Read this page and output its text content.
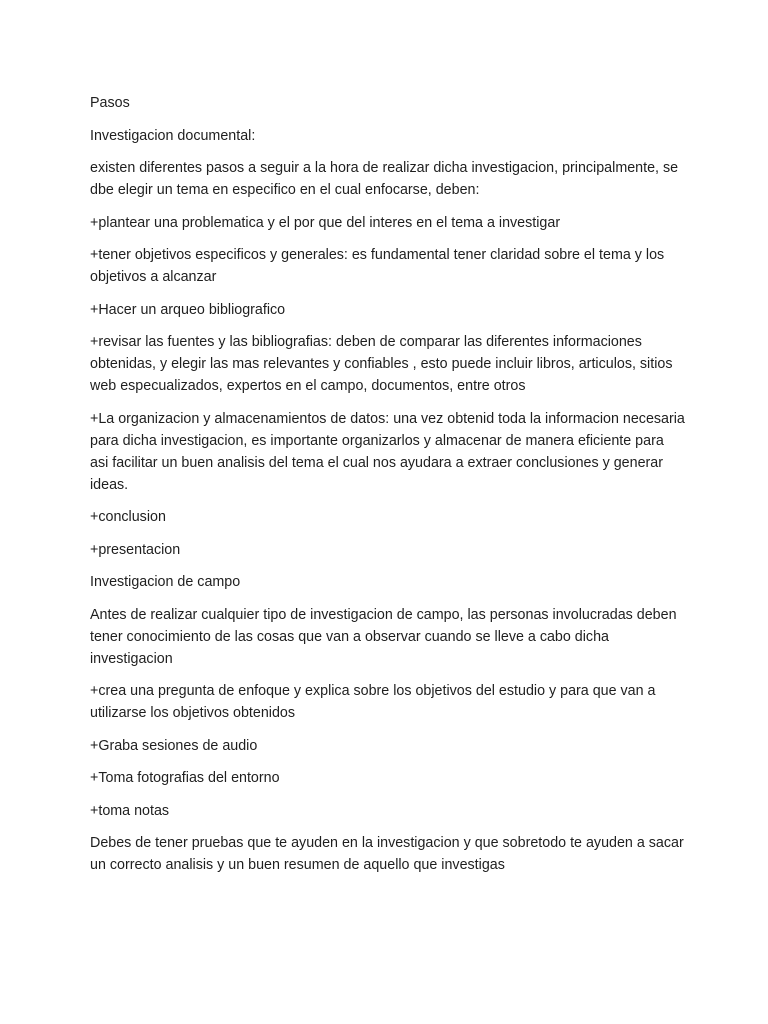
Pasos

Investigacion documental:

existen diferentes pasos a seguir a la hora de realizar dicha investigacion, principalmente, se dbe elegir un tema en especifico en el cual enfocarse, deben:

+plantear una problematica y el por que del interes en el tema a investigar

+tener objetivos especificos y generales: es fundamental tener claridad sobre el tema y los objetivos a alcanzar

+Hacer un arqueo bibliografico

+revisar las fuentes y las bibliografias: deben de comparar las diferentes informaciones obtenidas, y elegir las mas relevantes y confiables , esto puede incluir libros, articulos, sitios web especualizados, expertos en el campo, documentos, entre otros

+La organizacion y almacenamientos de datos: una vez obtenid toda la informacion necesaria para dicha investigacion, es importante organizarlos y almacenar de manera eficiente para asi facilitar un buen analisis del tema el cual nos ayudara a extraer conclusiones y generar ideas.

+conclusion

+presentacion

Investigacion de campo

Antes de realizar cualquier tipo de investigacion de campo, las personas involucradas deben tener conocimiento de las cosas que van a observar cuando se lleve a cabo dicha investigacion

+crea una pregunta de enfoque y explica sobre los objetivos del estudio y para que van a utilizarse los objetivos obtenidos

+Graba sesiones de audio

+Toma fotografias del entorno

+toma notas

Debes de tener pruebas que te ayuden en la investigacion y que sobretodo te ayuden a sacar un correcto analisis y un buen resumen de aquello que investigas
